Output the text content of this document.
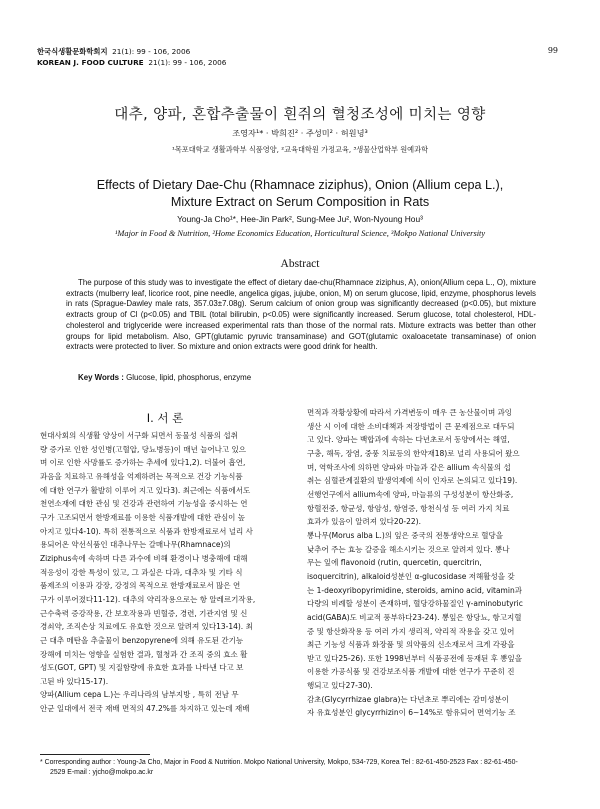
한국식생활문화학회지 21(1): 99 - 106, 2006
KOREAN J. FOOD CULTURE 21(1): 99 - 106, 2006
99
대추, 양파, 혼합추출물이 흰쥐의 혈청조성에 미치는 영향
조영자¹* · 박희진² · 주성미² · 허원녕³
¹목포대학교 생활과학부 식품영양, ²교육대학원 가정교육, ³생물산업학부 원예과학
Effects of Dietary Dae-Chu (Rhamnace ziziphus), Onion (Allium cepa L.),
Mixture Extract on Serum Composition in Rats
Young-Ja Cho¹*, Hee-Jin Park², Sung-Mee Ju², Won-Nyoung Hou³
¹Major in Food & Nutrition, ²Home Economics Education, Horticultural Science, ³Mokpo National University
Abstract
The purpose of this study was to investigate the effect of dietary dae-chu(Rhamnace ziziphus, A), onion(Allium cepa L., O), mixture extracts (mulberry leaf, licorice root, pine needle, angelica gigas, jujube, onion, M) on serum glucose, lipid, enzyme, phosphorus levels in rats (Sprague-Dawley male rats, 357.03±7.08g). Serum calcium of onion group was significantly decreased (p<0.05), but mixture extracts group of Cl (p<0.05) and TBIL (total bilirubin, p<0.05) were significantly increased. Serum glucose, total cholesterol, HDL-cholesterol and triglyceride were increased experimental rats than those of the normal rats. Mixture extracts was better than other groups for lipid metabolism. Also, GPT(glutamic pyruvic transaminase) and GOT(glutamic oxaloacetate transaminase) of onion extracts were protected to liver. So mixture and onion extracts were good drink for health.
Key Words : Glucose, lipid, phosphorus, enzyme
Ⅰ. 서 론
현대사회의 식생활 양상이 서구화 되면서 동물성 식품의 섭취
량 증가로 인한 성인병(고혈압, 당뇨병등)이 매년 늘어나고 있으
며 이로 인한 사망률도 증가하는 추세에 있다1,2). 더불어 흡연,
과음을 치료하고 유해성을 억제하려는 목적으로 건강 기능식품
에 대한 연구가 활발히 이루어 지고 있다3). 최근에는 식품에서도
천연소재에 대한 관심 및 건강과 관련하여 기능성을 중시하는 연
구가 고조되면서 한방재료를 이용한 식품개발에 대한 관심이 높
아지고 있다4-10). 특히 전통적으로 식품과 한방재료로서 널리 사
용되어온 약선식품인 대추나무는 갈매나무(Rhamnace)의
Ziziphus속에 속하며 다른 과수에 비해 환경이나 병충해에 대해
적응성이 강한 특성이 있고, 그 과실은 다과, 대추차 및 기타 식
품제조의 이용과 강장, 강정의 목적으로 한방재료로서 많은 연
구가 이루어졌다11-12). 대추의 약리작용으로는 항 알레르기작용,
근수축력 증강작용, 간 보호작용과 빈혈증, 경련, 기관지염 및 신
경쇠약, 조직손상 치료에도 유효한 것으로 알려져 있다13-14). 최
근 대추 메탄올 추출물이 benzopyrene에 의해 유도된 간기능
장해에 미치는 영향을 실험한 결과, 혈청과 간 조직 중의 효소 활
성도(GOT, GPT) 및 지질함량에 유효한 효과를 나타낸 다고 보
고된 바 있다15-17).
양파(Allium cepa L.)는 우리나라의 남부지방 , 특히 전남 무
안군 일대에서 전국 재배 면적의 47.2%를 차지하고 있는데 재배
면적과 작황상황에 따라서 가격변동이 매우 큰 농산물이며 과잉
생산 시 이에 대한 소비대책과 저장방법이 큰 문제점으로 대두되
고 있다. 양파는 백합과에 속하는 다년초로서 동양에서는 해열,
구충, 해독, 장염, 중풍 치료등의 한약재18)로 널리 사용되어 왔으
며, 역학조사에 의하면 양파와 마늘과 같은 allium 속식물의 섭
취는 심혈관계질환의 발생억제에 식이 인자로 논의되고 있다19).
선행연구에서 allium속에 양파, 마늘류의 구성성분이 항산화중,
항혈전중, 항균성, 항암성, 항염증, 항천식성 등 여러 가지 치료
효과가 있음이 알려져 있다20-22).
뽕나무(Morus alba L.)의 잎은 중국의 전통생약으로 혈당을
낮추어 주는 효능 갈증을 해소시키는 것으로 알려져 있다. 뽕나
무는 잎에 flavonoid (rutin, quercetin, quercitrin,
isoquercitrin), alkaloid성분인 α-glucosidase 저해활성을 갖
는 1-deoxyribopyrimidine, steroids, amino acid, vitamin과
다량의 비례할 성분이 존재하며, 혈당강하물질인 γ-aminobutyric
acid(GABA)도 비교적 풍부하다23-24). 뽕잎은 항당뇨, 항고지혈
증 및 항산화작용 등 여러 가지 생리적, 약리적 작용을 갖고 있어
최근 기능성 식품과 화장품 및 의약품의 신소재로서 크게 각광을
받고 있다25-26). 또한 1998년부터 식품공전에 등재된 후 뽕잎을
이용한 가공식품 및 건강보조식품 개발에 대한 연구가 꾸준히 진
행되고 있다27-30).
감초(Glycyrrhizae glabra)는 다년초로 뿌리에는 감미성분이
자 유효성분인 glycyrrhizin이 6~14%로 함유되어 면역기능 조
* Corresponding author : Young-Ja Cho, Major in Food & Nutrition. Mokpo National University, Mokpo, 534-729, Korea Tel : 82-61-450-2523 Fax : 82-61-450-
2529 E-mail : yjcho@mokpo.ac.kr
